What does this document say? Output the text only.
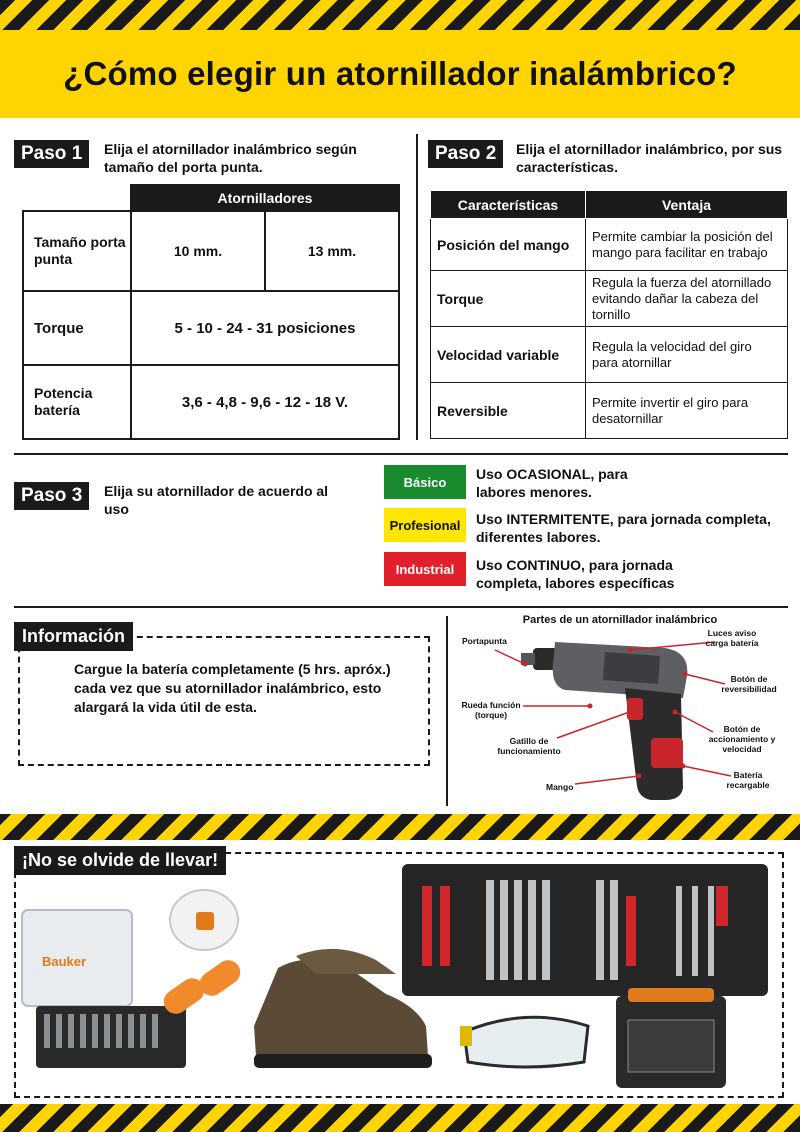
¿Cómo elegir un atornillador inalámbrico?
Paso 1	Elija el atornillador inalámbrico según tamaño del porta punta.
	Atornilladores	
Tamaño porta punta	10 mm.	13 mm.
Torque	5 - 10 - 24 - 31 posiciones	
Potencia batería	3,6 - 4,8 - 9,6 - 12 - 18 V.	
Paso 2	Elija el atornillador inalámbrico, por sus características.
Características	Ventaja
Posición del mango	Permite cambiar la posición del mango para facilitar en trabajo
Torque	Regula la fuerza del atornillado evitando dañar la cabeza del tornillo
Velocidad variable	Regula la velocidad del giro para atornillar
Reversible	Permite invertir el giro para desatornillar
Paso 3	Elija su atornillador de acuerdo al uso
Básico	Uso OCASIONAL, para labores menores.
Profesional	Uso INTERMITENTE, para jornada completa, diferentes labores.
Industrial	Uso CONTINUO, para jornada completa, labores específicas
Información
Cargue la batería completamente (5 hrs. apróx.) cada vez que su atornillador inalámbrico, esto alargará la vida útil de esta.
Partes de un atornillador inalámbrico
Portapunta
Luces aviso carga batería
Botón de reversibilidad
Rueda función (torque)
Botón de accionamiento y velocidad
Gatillo de funcionamiento
Batería recargable
Mango
¡No se olvide de llevar!
Bauker
